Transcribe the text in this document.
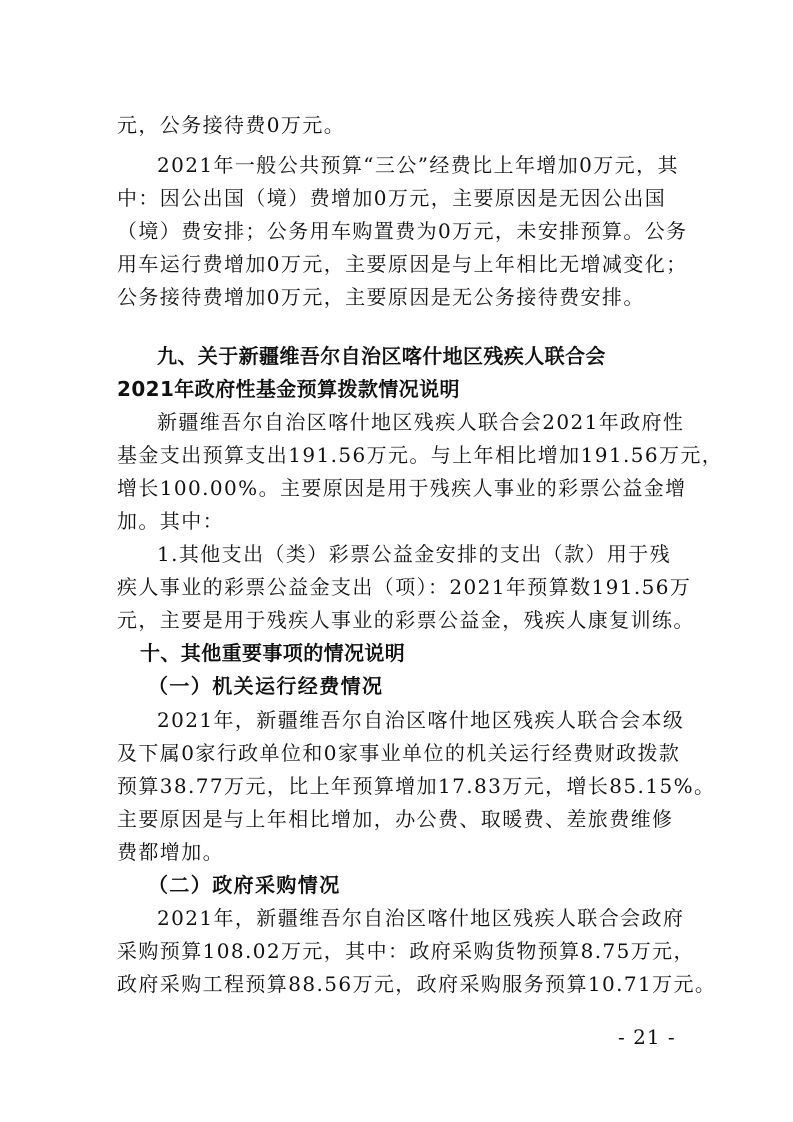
元，公务接待费0万元。
2021年一般公共预算“三公”经费比上年增加0万元，其
中：因公出国（境）费增加0万元，主要原因是无因公出国
（境）费安排；公务用车购置费为0万元，未安排预算。公务
用车运行费增加0万元，主要原因是与上年相比无增减变化；
公务接待费增加0万元，主要原因是无公务接待费安排。
九、关于新疆维吾尔自治区喀什地区残疾人联合会
2021年政府性基金预算拨款情况说明
新疆维吾尔自治区喀什地区残疾人联合会2021年政府性
基金支出预算支出191.56万元。与上年相比增加191.56万元，
增长100.00%。主要原因是用于残疾人事业的彩票公益金增
加。其中：
1.其他支出（类）彩票公益金安排的支出（款）用于残
疾人事业的彩票公益金支出（项）：2021年预算数191.56万
元，主要是用于残疾人事业的彩票公益金，残疾人康复训练。
十、其他重要事项的情况说明
（一）机关运行经费情况
2021年，新疆维吾尔自治区喀什地区残疾人联合会本级
及下属0家行政单位和0家事业单位的机关运行经费财政拨款
预算38.77万元，比上年预算增加17.83万元，增长85.15%。
主要原因是与上年相比增加，办公费、取暖费、差旅费维修
费都增加。
（二）政府采购情况
2021年，新疆维吾尔自治区喀什地区残疾人联合会政府
采购预算108.02万元，其中：政府采购货物预算8.75万元，
政府采购工程预算88.56万元，政府采购服务预算10.71万元。
- 21 -
